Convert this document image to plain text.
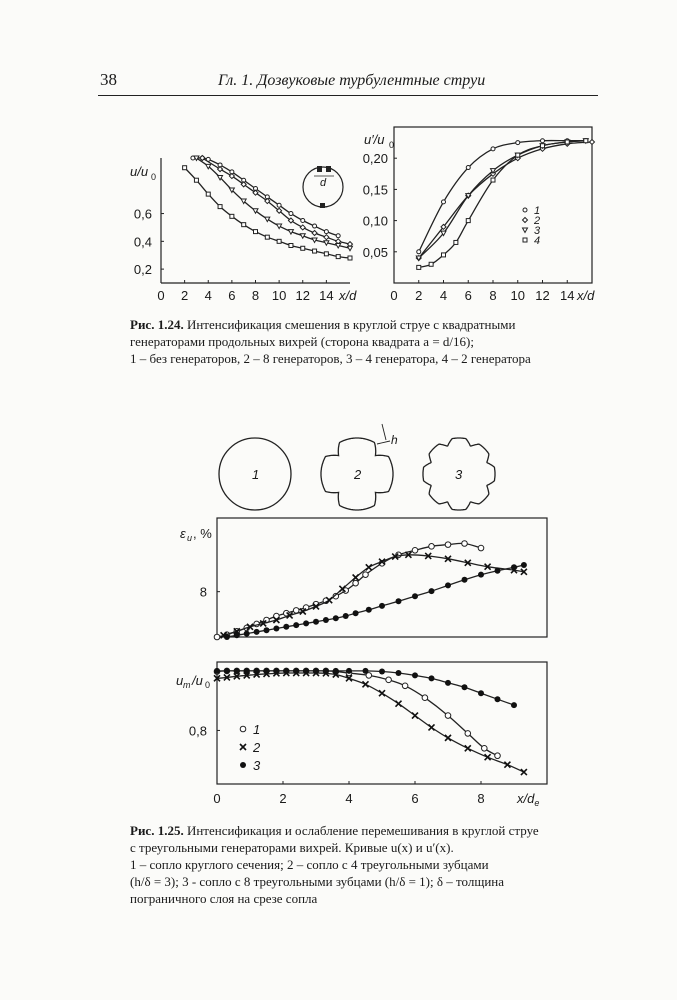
38	Гл. 1. Дозвуковые турбулентные струи
u/u 0
0 2 4 6 8 10 12 14 x/d
0,6
0,4
0,2
d
u′/u 0
0 2 4 6 8 10 12 14 x/d
0,20
0,15
0,10
0,05
1
2
3
4
1	2
h
3
ε u , %
8
u m /u 0
0	2	4	6	8 $x/d_e$
0,8	1
2
3
Рис. 1.24. Интенсификация смешения в круглой струе с квадратными
генераторами продольных вихрей (сторона квадрата a = d/16);
1 – без генераторов, 2 – 8 генераторов, 3 – 4 генератора, 4 – 2 генератора
Рис. 1.25. Интенсификация и ослабление перемешивания в круглой струе
с треугольными генераторами вихрей. Кривые u(x) и u′(x).
1 – сопло круглого сечения; 2 – сопло с 4 треугольными зубцами
(h/δ = 3); 3 - сопло с 8 треугольными зубцами (h/δ = 1); δ – толщина
пограничного слоя на срезе сопла
